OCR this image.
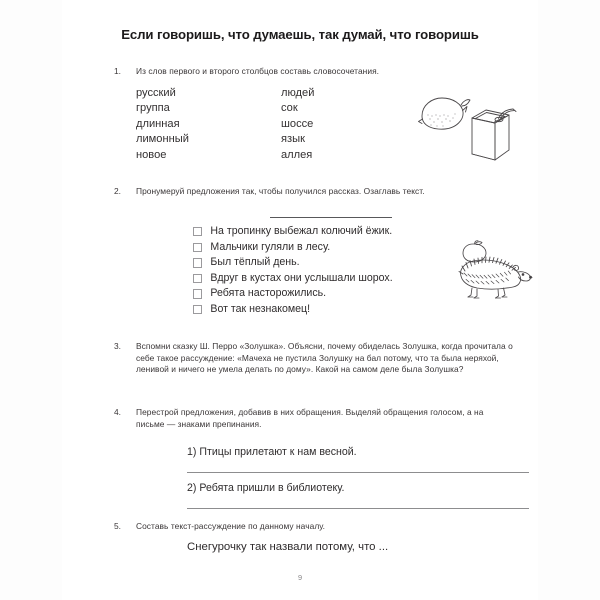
Если говоришь, что думаешь, так думай, что говоришь
1.	Из слов первого и второго столбцов составь словосочетания.

русский	людей
группа	сок
длинная	шоссе
лимонный	язык
новое	аллея
2.	Пронумеруй предложения так, чтобы получился рассказ. Озаглавь текст.

На тропинку выбежал колючий ёжик.
Мальчики гуляли в лесу.
Был тёплый день.
Вдруг в кустах они услышали шорох.
Ребята насторожились.
Вот так незнакомец!
3.	Вспомни сказку Ш. Перро «Золушка». Объясни, почему обиделась Золушка, когда прочитала о себе такое рассуждение: «Мачеха не пустила Золушку на бал потому, что та была неряхой, ленивой и ничего не умела делать по дому». Какой на самом деле была Золушка?

4.	Перестрой предложения, добавив в них обращения. Выделяй обращения голосом, а на письме — знаками препинания.

1) Птицы прилетают к нам весной.
2) Ребята пришли в библиотеку.
5.	Составь текст-рассуждение по данному началу.

Снегурочку так назвали потому, что ...
9
